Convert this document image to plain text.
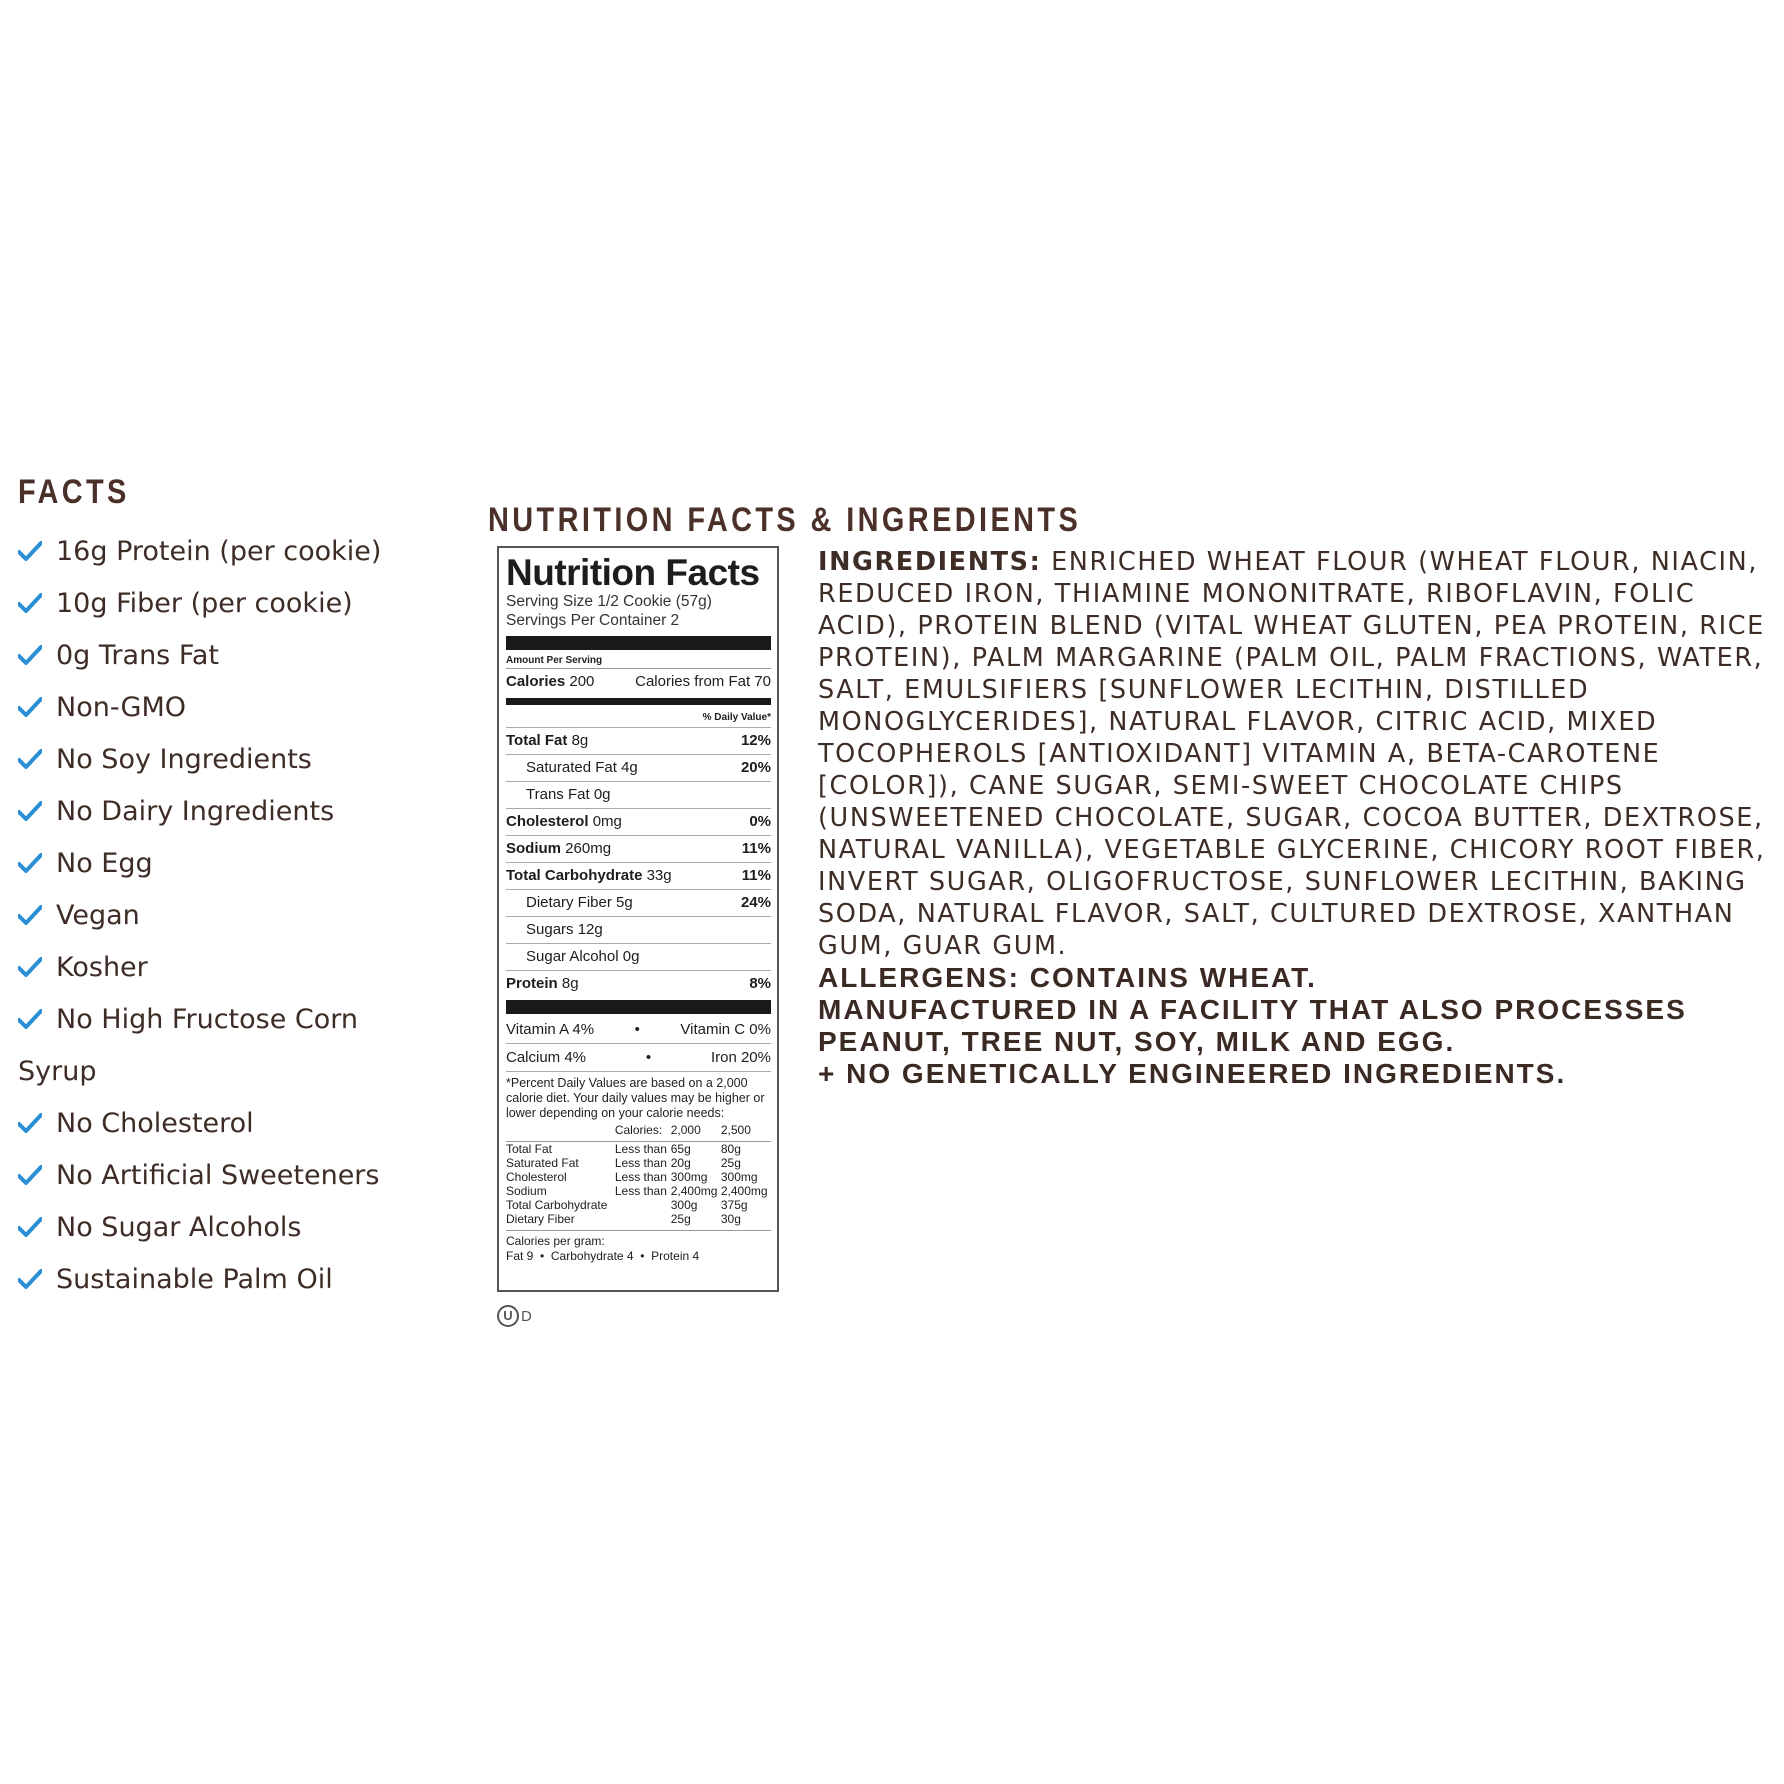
FACTS
16g Protein (per cookie)
10g Fiber (per cookie)
0g Trans Fat
Non-GMO
No Soy Ingredients
No Dairy Ingredients
No Egg
Vegan
Kosher
No High Fructose Corn
Syrup
No Cholesterol
No Artificial Sweeteners
No Sugar Alcohols
Sustainable Palm Oil
NUTRITION FACTS & INGREDIENTS
Nutrition Facts
Serving Size 1/2 Cookie (57g)
Servings Per Container 2
Amount Per Serving
Calories 200	Calories from Fat 70
% Daily Value*
Total Fat 8g	12%
Saturated Fat 4g	20%
Trans Fat 0g
Cholesterol 0mg	0%
Sodium 260mg	11%
Total Carbohydrate 33g	11%
Dietary Fiber 5g	24%
Sugars 12g
Sugar Alcohol 0g
Protein 8g	8%
Vitamin A 4%	•	Vitamin C 0%
Calcium 4%	•	Iron 20%
*Percent Daily Values are based on a 2,000 calorie diet. Your daily values may be higher or lower depending on your calorie needs:
	Calories:	2,000	2,500
Total Fat	Less than	65g	80g
Saturated Fat	Less than	20g	25g
Cholesterol	Less than	300mg	300mg
Sodium	Less than	2,400mg	2,400mg
Total Carbohydrate		300g	375g
Dietary Fiber		25g	30g
Calories per gram:
Fat 9  •  Carbohydrate 4  •  Protein 4
U D
INGREDIENTS: ENRICHED WHEAT FLOUR (WHEAT FLOUR, NIACIN, REDUCED IRON, THIAMINE MONONITRATE, RIBOFLAVIN, FOLIC ACID), PROTEIN BLEND (VITAL WHEAT GLUTEN, PEA PROTEIN, RICE PROTEIN), PALM MARGARINE (PALM OIL, PALM FRACTIONS, WATER, SALT, EMULSIFIERS [SUNFLOWER LECITHIN, DISTILLED MONOGLYCERIDES], NATURAL FLAVOR, CITRIC ACID, MIXED TOCOPHEROLS [ANTIOXIDANT] VITAMIN A, BETA-CAROTENE [COLOR]), CANE SUGAR, SEMI-SWEET CHOCOLATE CHIPS (UNSWEETENED CHOCOLATE, SUGAR, COCOA BUTTER, DEXTROSE, NATURAL VANILLA), VEGETABLE GLYCERINE, CHICORY ROOT FIBER, INVERT SUGAR, OLIGOFRUCTOSE, SUNFLOWER LECITHIN, BAKING SODA, NATURAL FLAVOR, SALT, CULTURED DEXTROSE, XANTHAN GUM, GUAR GUM.
ALLERGENS: CONTAINS WHEAT.
MANUFACTURED IN A FACILITY THAT ALSO PROCESSES PEANUT, TREE NUT, SOY, MILK AND EGG.
+ NO GENETICALLY ENGINEERED INGREDIENTS.
